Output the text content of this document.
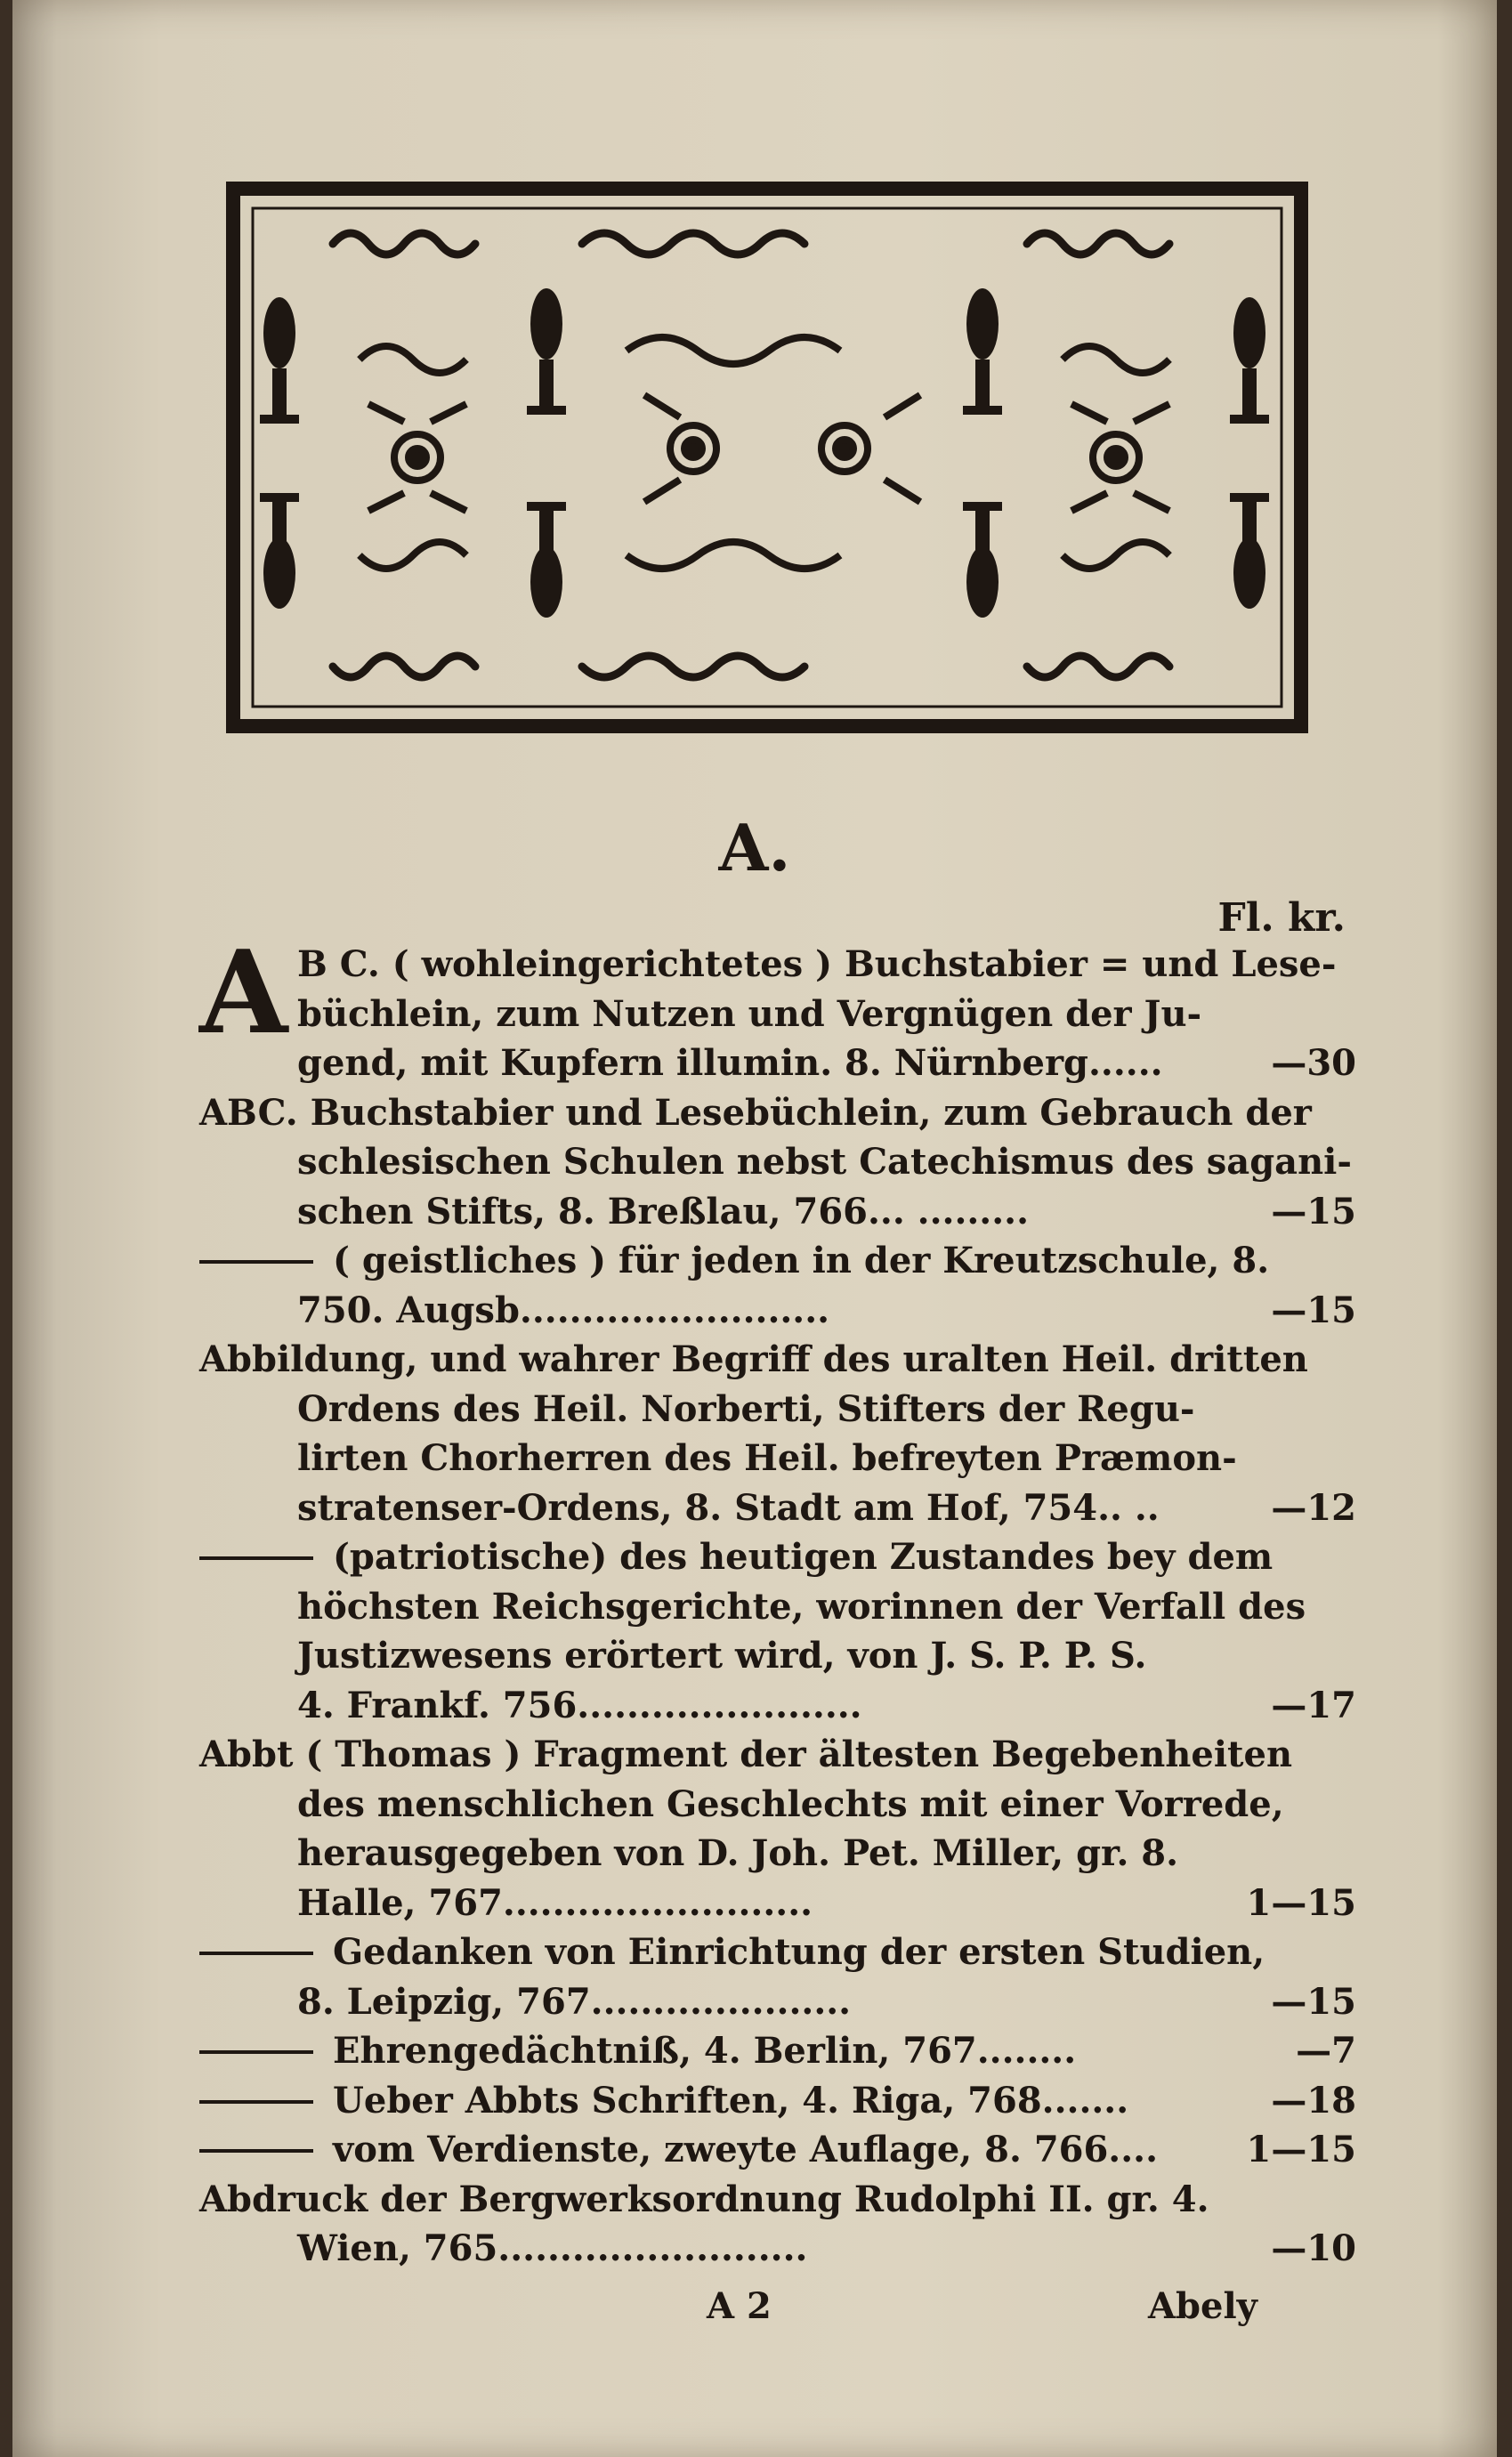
A.
Fl. kr.
A B C. ( wohleingerichtetes ) Buchstabier = und Lese-
büchlein, zum Nutzen und Vergnügen der Ju-
gend, mit Kupfern illumin. 8. Nürnberg......	—30
ABC. Buchstabier und Lesebüchlein, zum Gebrauch der
schlesischen Schulen nebst Catechismus des sagani-
schen Stifts, 8. Breßlau, 766... .........	—15
( geistliches ) für jeden in der Kreutzschule, 8.
750. Augsb.........................	—15
Abbildung, und wahrer Begriff des uralten Heil. dritten
Ordens des Heil. Norberti, Stifters der Regu-
lirten Chorherren des Heil. befreyten Præmon-
stratenser-Ordens, 8. Stadt am Hof, 754.. ..	—12
(patriotische) des heutigen Zustandes bey dem
höchsten Reichsgerichte, worinnen der Verfall des
Justizwesens erörtert wird, von J. S. P. P. S.
4. Frankf. 756.......................	—17
Abbt ( Thomas ) Fragment der ältesten Begebenheiten
des menschlichen Geschlechts mit einer Vorrede,
herausgegeben von D. Joh. Pet. Miller, gr. 8.
Halle, 767.........................	1—15
Gedanken von Einrichtung der ersten Studien,
8. Leipzig, 767.....................	—15
Ehrengedächtniß, 4. Berlin, 767........	—7
Ueber Abbts Schriften, 4. Riga, 768.......	—18
vom Verdienste, zweyte Auflage, 8. 766....	1—15
Abdruck der Bergwerksordnung Rudolphi II. gr. 4.
Wien, 765.........................	—10
A 2	Abely
